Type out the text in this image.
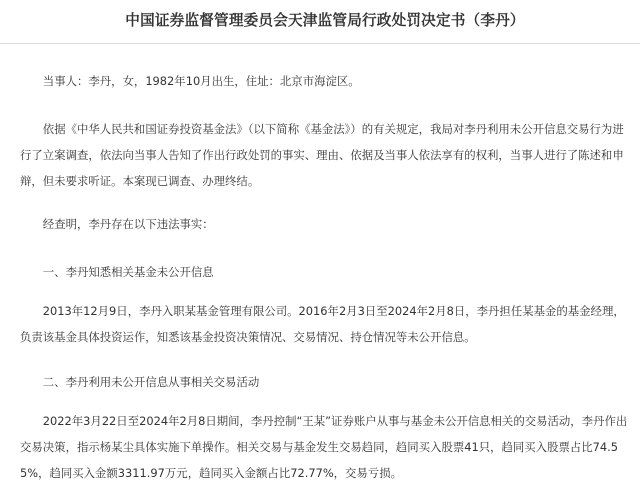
中国证券监督管理委员会天津监管局行政处罚决定书（李丹）

当事人：李丹，女，1982年10月出生，住址：北京市海淀区。

依据《中华人民共和国证券投资基金法》（以下简称《基金法》）的有关规定，我局对李丹利用未公开信息交易行为进行了立案调查，依法向当事人告知了作出行政处罚的事实、理由、依据及当事人依法享有的权利，当事人进行了陈述和申辩，但未要求听证。本案现已调查、办理终结。

经查明，李丹存在以下违法事实：

一、李丹知悉相关基金未公开信息

2013年12月9日，李丹入职某基金管理有限公司。2016年2月3日至2024年2月8日，李丹担任某基金的基金经理，负责该基金具体投资运作，知悉该基金投资决策情况、交易情况、持仓情况等未公开信息。

二、李丹利用未公开信息从事相关交易活动

2022年3月22日至2024年2月8日期间，李丹控制“王某”证券账户从事与基金未公开信息相关的交易活动，李丹作出交易决策，指示杨某尘具体实施下单操作。相关交易与基金发生交易趋同，趋同买入股票41只，趋同买入股票占比74.55%，趋同买入金额3311.97万元，趋同买入金额占比72.77%，交易亏损。
